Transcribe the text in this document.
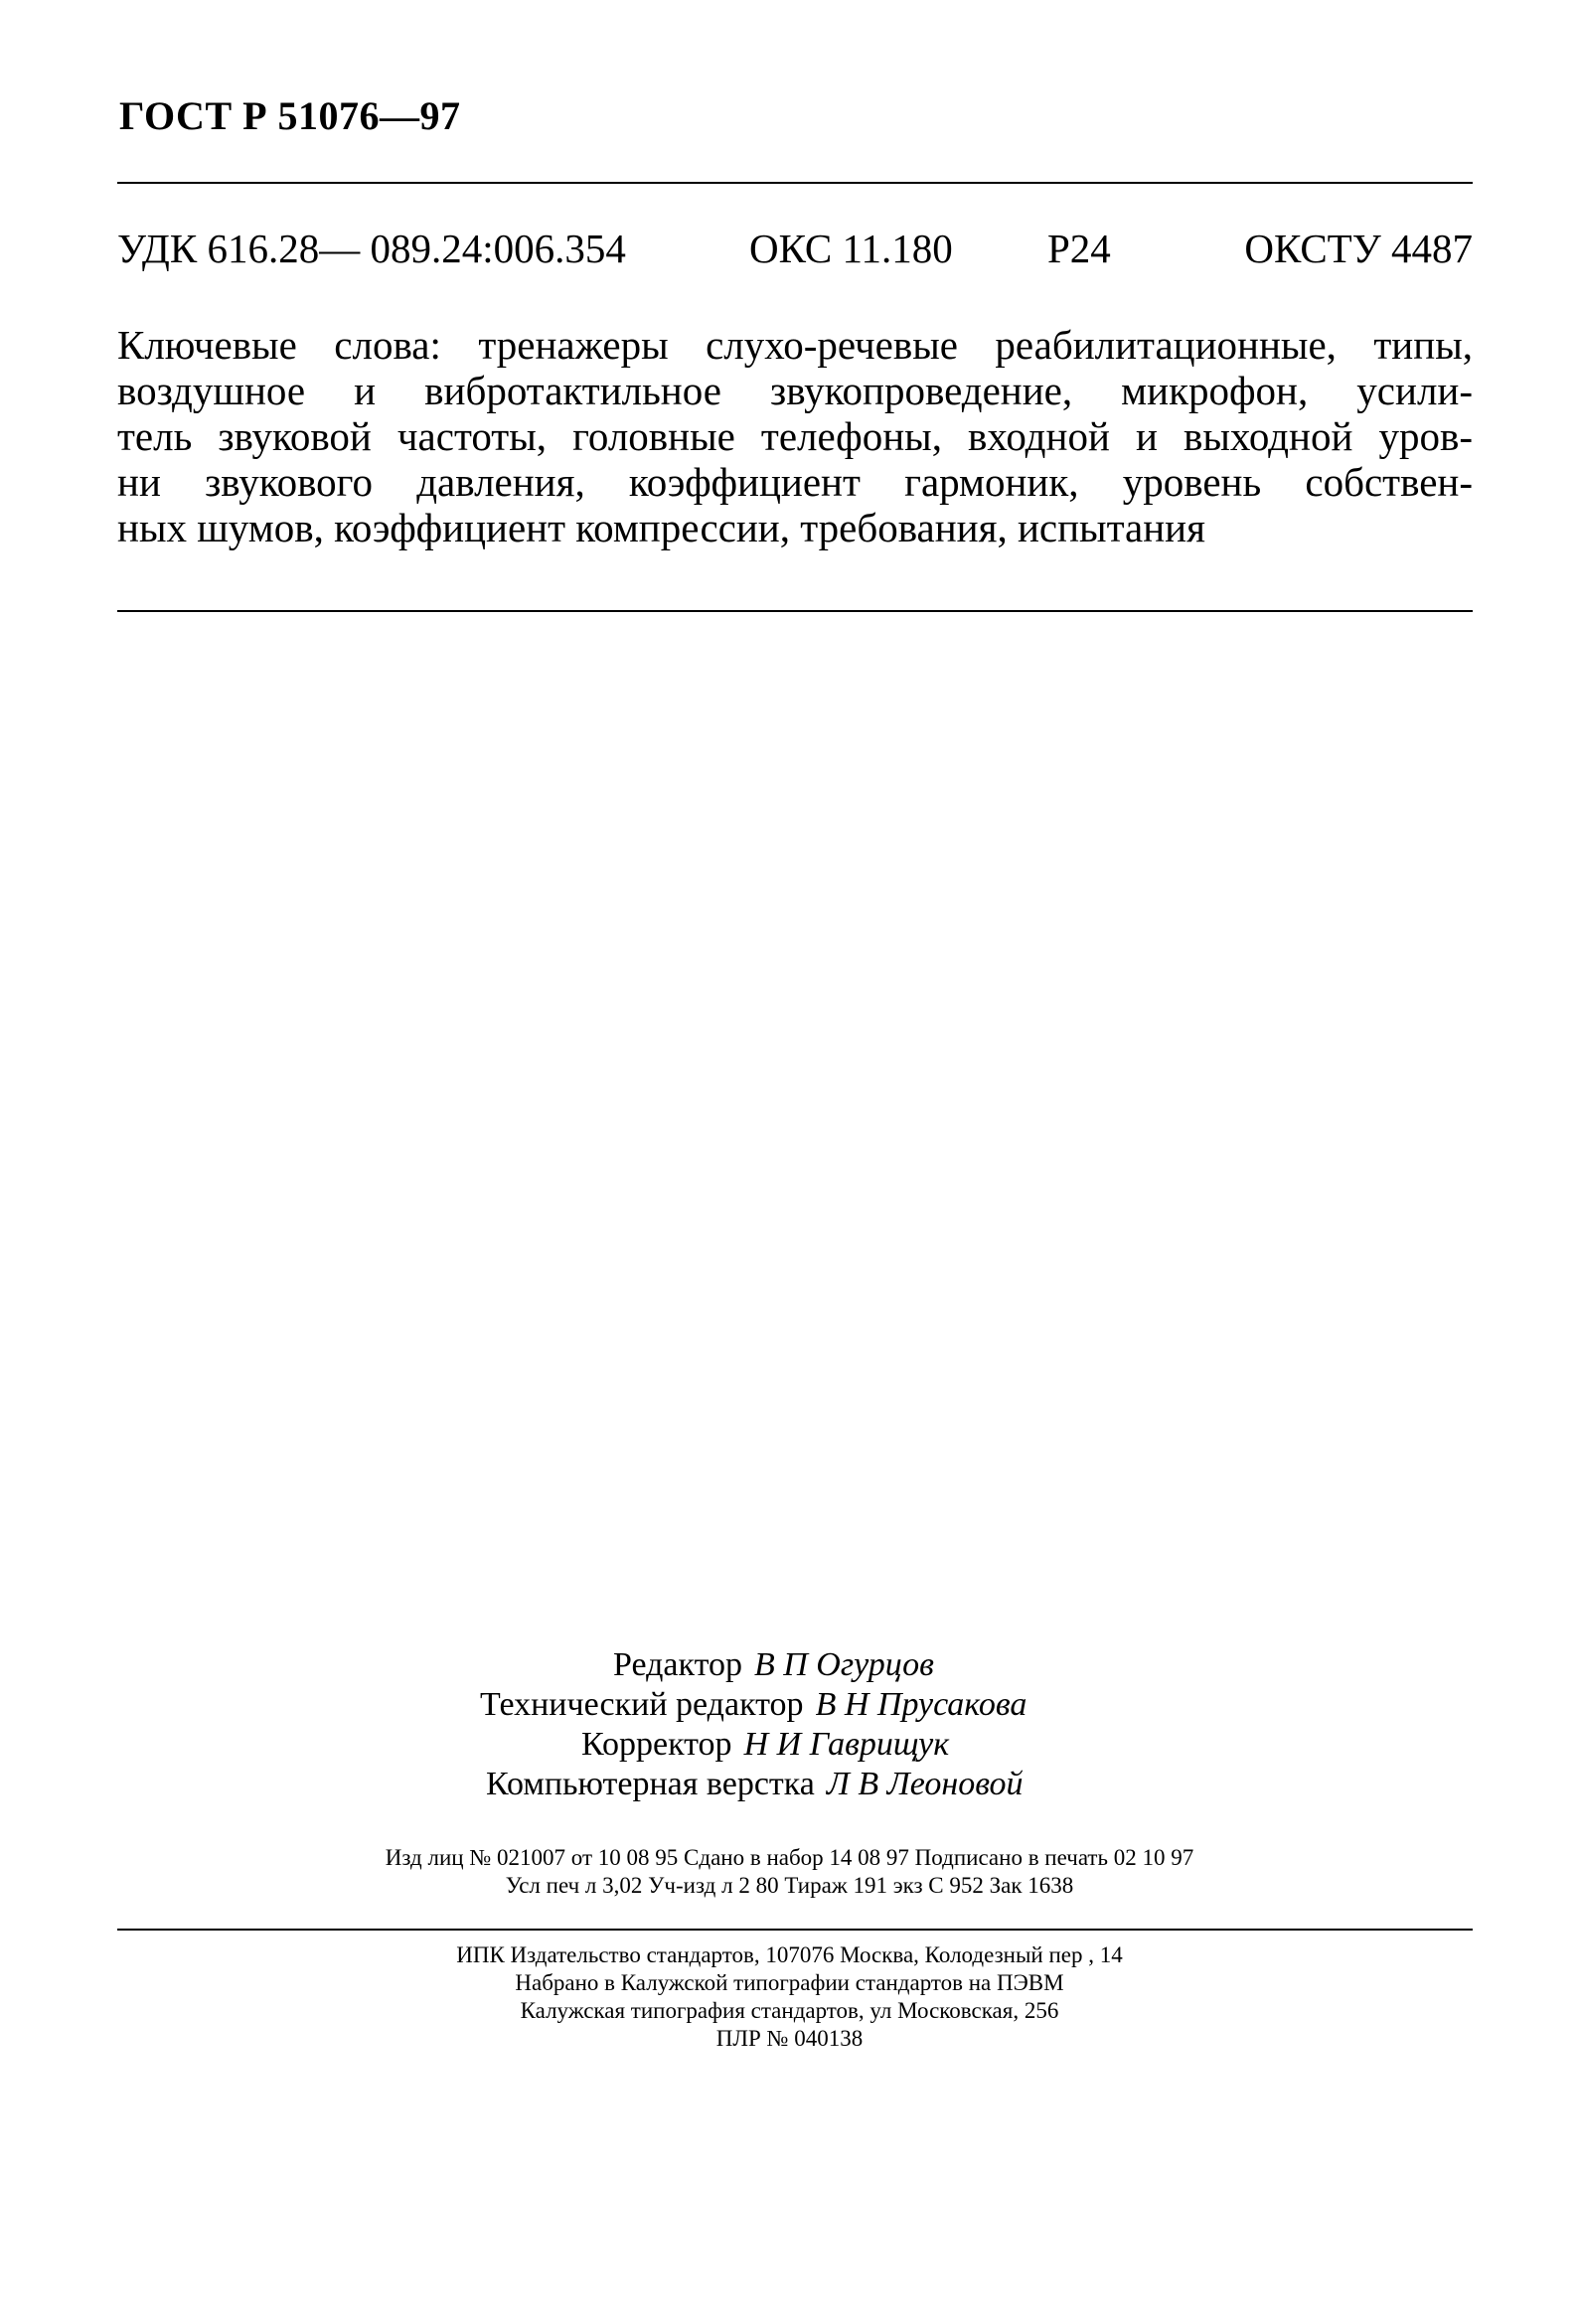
ГОСТ Р 51076—97
УДК 616.28— 089.24:006.354	ОКС 11.180 Р24	ОКСТУ 4487
Ключевые слова: тренажеры слухо-речевые реабилитационные, типы,
воздушное и вибротактильное звукопроведение, микрофон, усили-
тель звуковой частоты, головные телефоны, входной и выходной уров-
ни звукового давления, коэффициент гармоник, уровень собствен-
ных шумов, коэффициент компрессии, требования, испытания
Редактор В П Огурцов
Технический редактор В Н Прусакова
Корректор Н И Гаврищук
Компьютерная верстка Л В Леоновой
Изд лиц № 021007 от 10 08 95 Сдано в набор 14 08 97 Подписано в печать 02 10 97
Усл печ л 3,02 Уч-изд л 2 80 Тираж 191 экз С 952 Зак 1638
ИПК Издательство стандартов, 107076 Москва, Колодезный пер , 14
Набрано в Калужской типографии стандартов на ПЭВМ
Калужская типография стандартов, ул Московская, 256
ПЛР № 040138
